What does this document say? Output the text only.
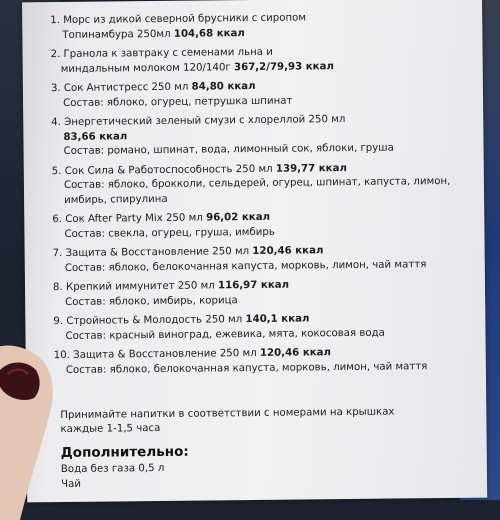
1. Морс из дикой северной брусники с сиропом
Топинамбура 250мл 104,68 ккал
2. Гранола к завтраку с семенами льна и
миндальным молоком 120/140г 367,2/79,93 ккал
3. Сок Антистресс 250 мл 84,80 ккал
Состав: яблоко, огурец, петрушка шпинат
4. Энергетический зеленый смузи с хлореллой 250 мл
83,66 ккал
Состав: романо, шпинат, вода, лимонный сок, яблоки, груша
5. Сок Сила & Работоспособность 250 мл 139,77 ккал
Состав: яблоко, брокколи, сельдерей, огурец, шпинат, капуста, лимон, имбирь, спирулина
6. Сок After Party Mix 250 мл 96,02 ккал
Состав: свекла, огурец, груша, имбирь
7. Защита & Восстановление 250 мл 120,46 ккал
Состав: яблоко, белокочанная капуста, морковь, лимон, чай маття
8. Крепкий иммунитет 250 мл 116,97 ккал
Состав: яблоко, имбирь, корица
9. Стройность & Молодость 250 мл 140,1 ккал
Состав: красный виноград, ежевика, мята, кокосовая вода
10. Защита & Восстановление 250 мл 120,46 ккал
Состав: яблоко, белокочанная капуста, морковь, лимон, чай маття
Принимайте напитки в соответствии с номерами на крышках каждые 1-1,5 часа
Дополнительно:
Вода без газа 0,5 л
Чай
